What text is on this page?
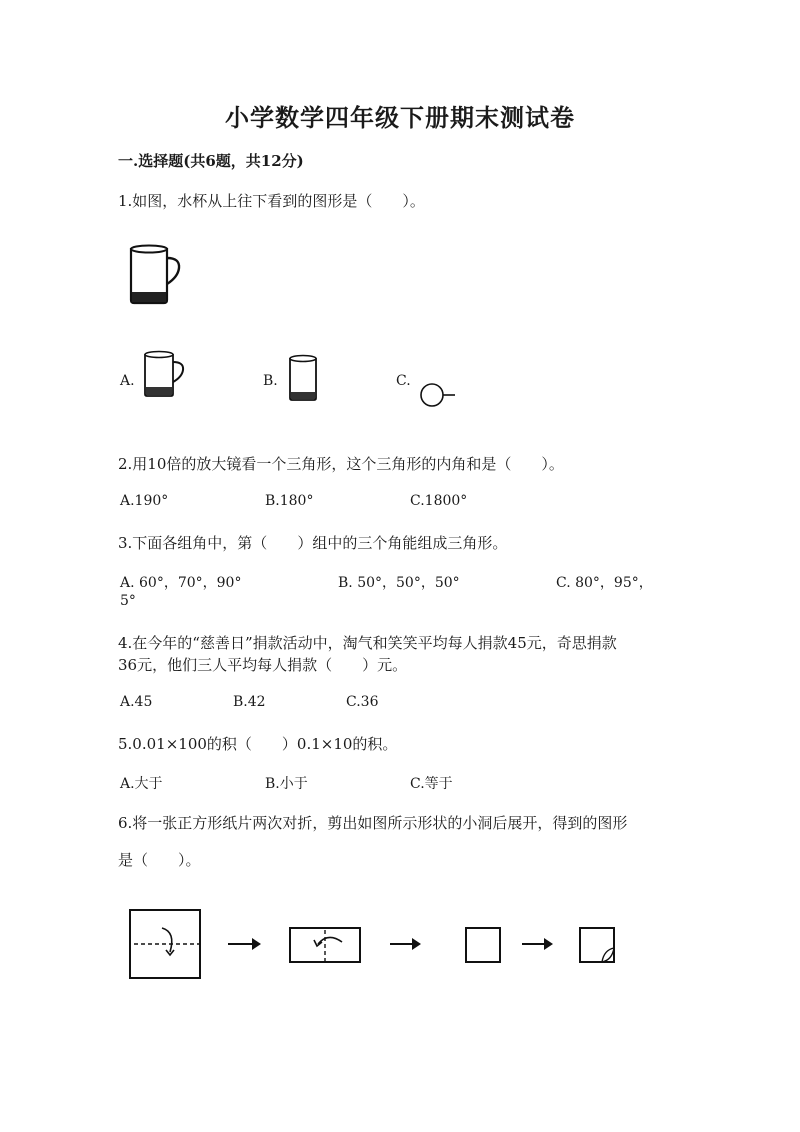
小学数学四年级下册期末测试卷
一.选择题(共6题，共12分)
1.如图，水杯从上往下看到的图形是（　　）。
A.	B.	C.
2.用10倍的放大镜看一个三角形，这个三角形的内角和是（　　）。
A.190°	B.180°	C.1800°
3.下面各组角中，第（　　）组中的三个角能组成三角形。
A. 60°，70°，90°	B. 50°，50°，50°	C. 80°，95°，
5°
4.在今年的“慈善日”捐款活动中，淘气和笑笑平均每人捐款45元，奇思捐款
36元，他们三人平均每人捐款（　　）元。
A.45	B.42	C.36
5.0.01×100的积（　　）0.1×10的积。
A.大于	B.小于	C.等于
6.将一张正方形纸片两次对折，剪出如图所示形状的小洞后展开，得到的图形
是（　　）。
